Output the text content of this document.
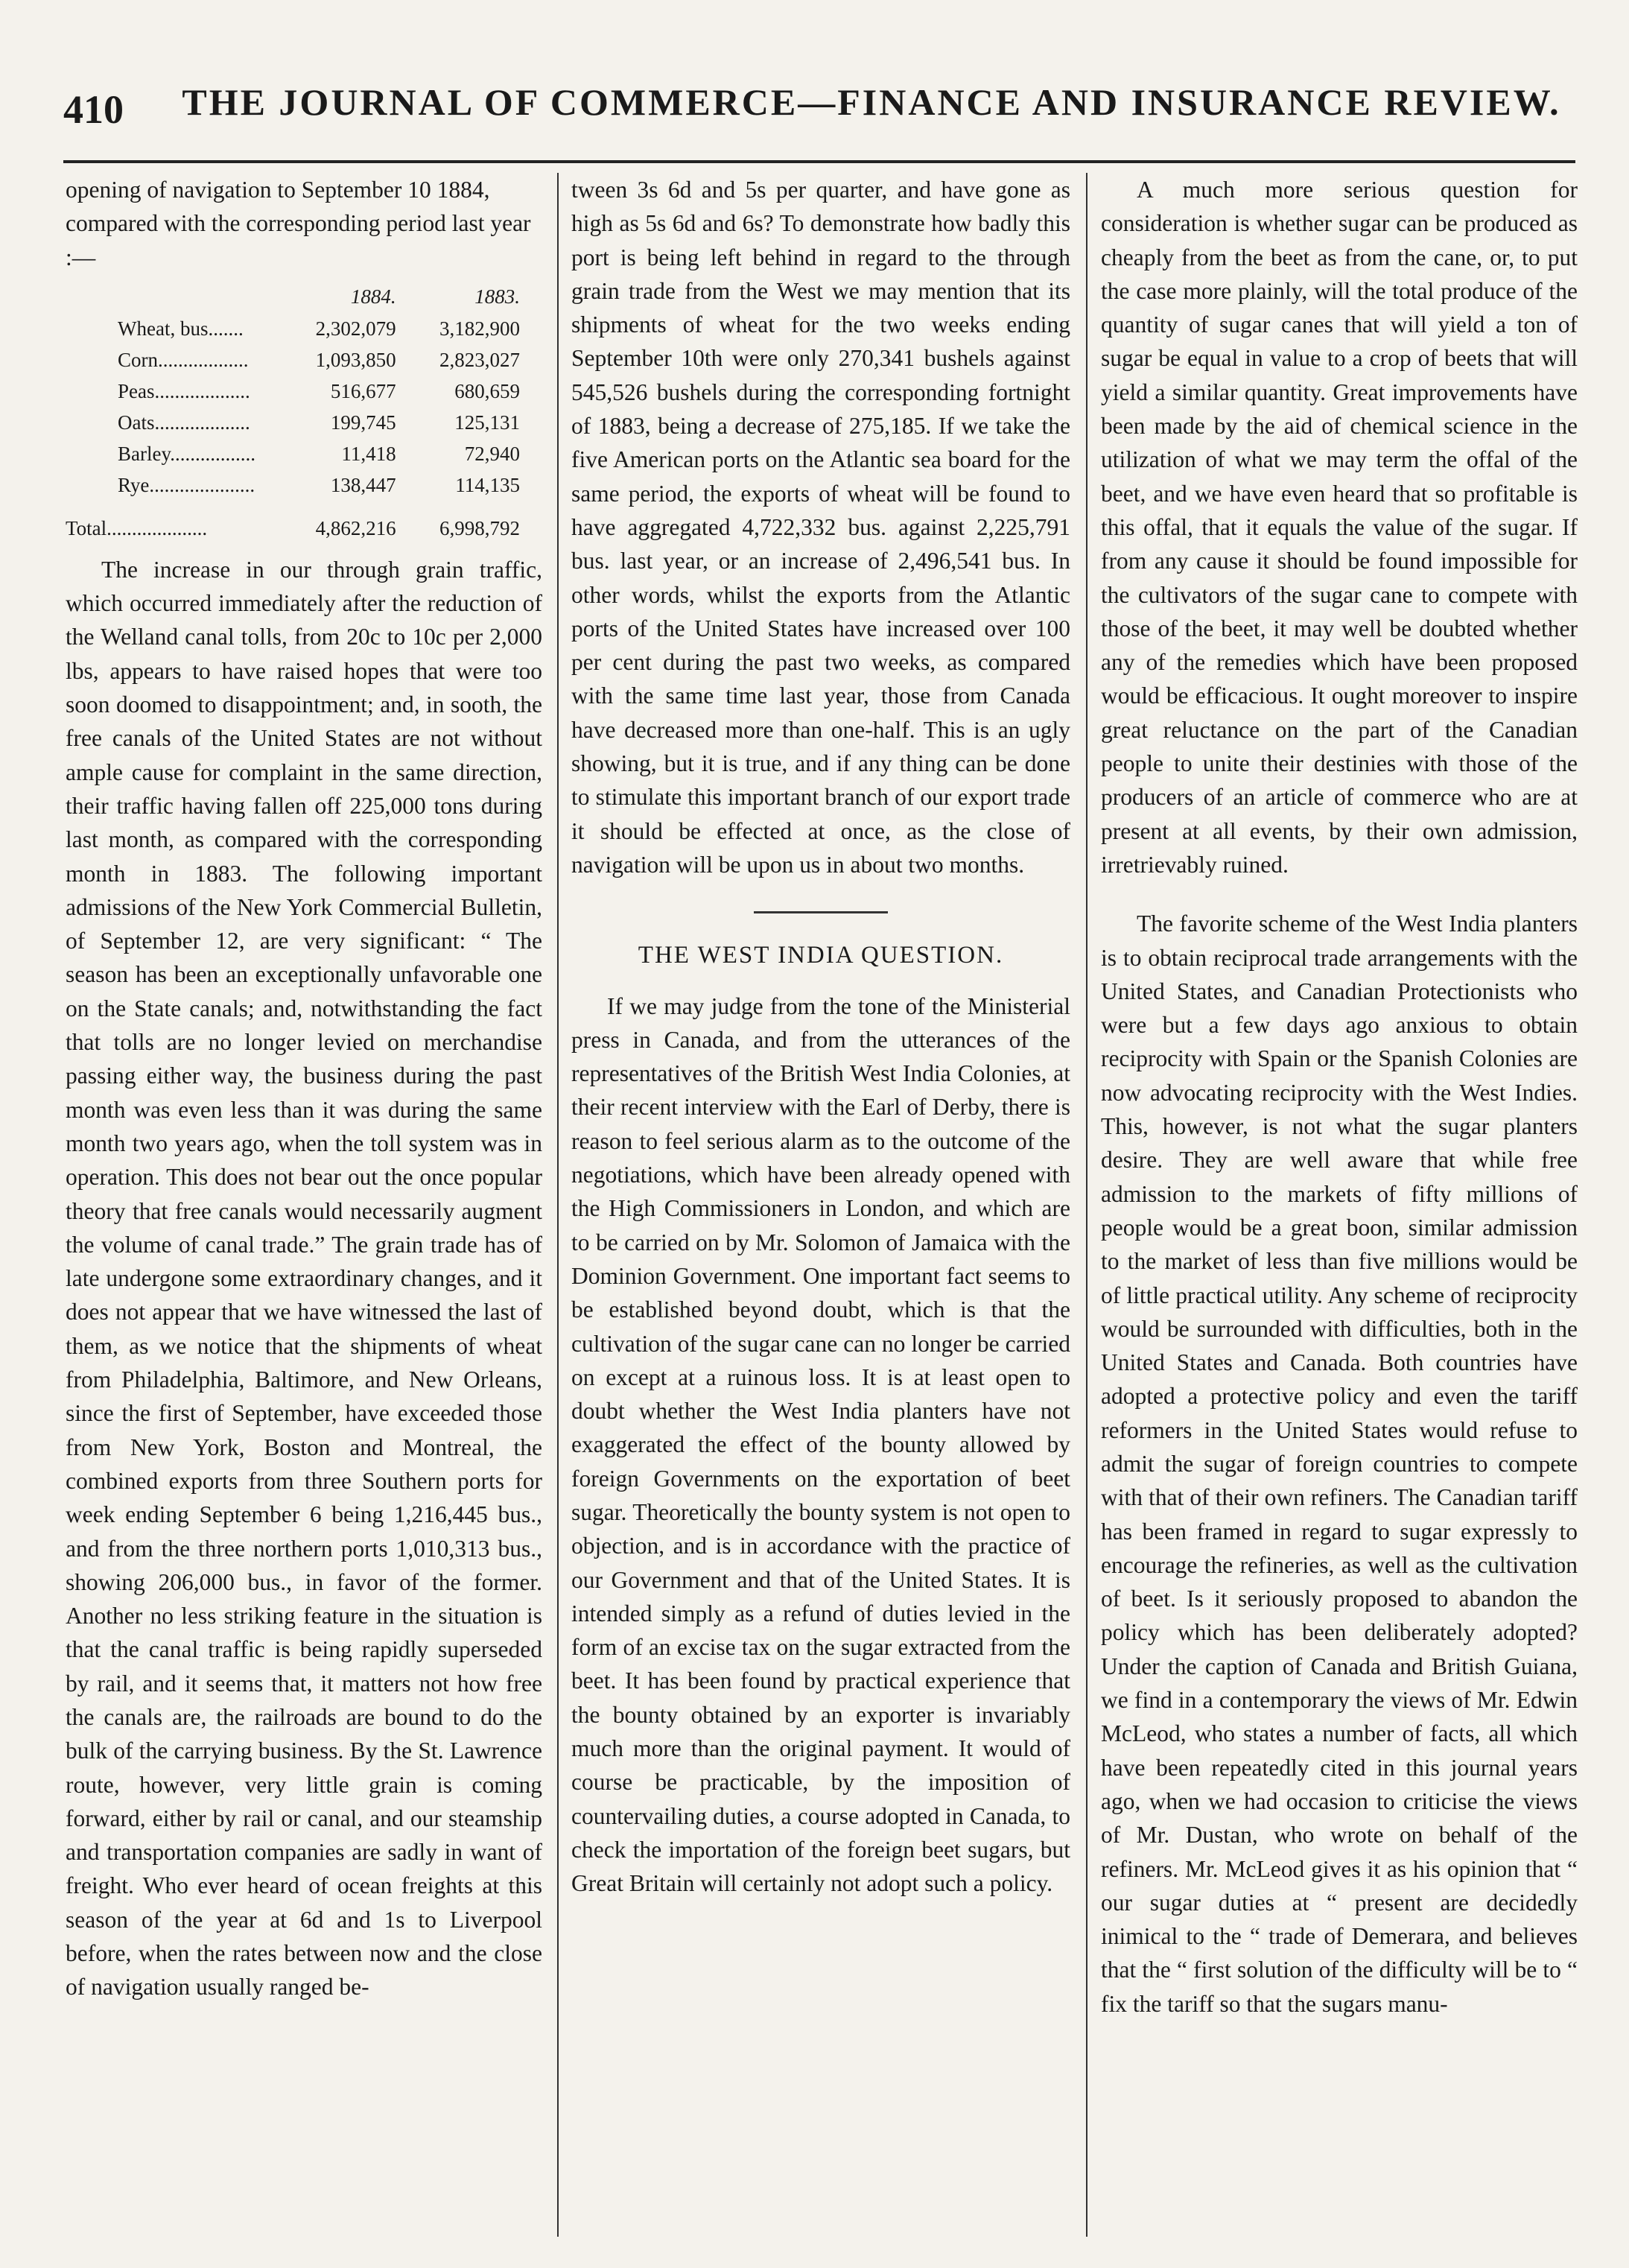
410	THE JOURNAL OF COMMERCE—FINANCE AND INSURANCE REVIEW.

opening of navigation to September 10 1884, compared with the corresponding period last year :—

	1884.	1883.
Wheat, bus.......	2,302,079	3,182,900
Corn..................	1,093,850	2,823,027
Peas...................	516,677	680,659
Oats...................	199,745	125,131
Barley.................	11,418	72,940
Rye.....................	138,447	114,135
Total....................	4,862,216	6,998,792

The increase in our through grain traffic, which occurred immediately after the reduction of the Welland canal tolls, from 20c to 10c per 2,000 lbs, appears to have raised hopes that were too soon doomed to disappointment; and, in sooth, the free canals of the United States are not without ample cause for complaint in the same direction, their traffic having fallen off 225,000 tons during last month, as compared with the corresponding month in 1883. The following important admissions of the New York Commercial Bulletin, of September 12, are very significant: “ The season has been an exceptionally unfavorable one on the State canals; and, notwithstanding the fact that tolls are no longer levied on merchandise passing either way, the business during the past month was even less than it was during the same month two years ago, when the toll system was in operation. This does not bear out the once popular theory that free canals would necessarily augment the volume of canal trade.” The grain trade has of late undergone some extraordinary changes, and it does not appear that we have witnessed the last of them, as we notice that the shipments of wheat from Philadelphia, Baltimore, and New Orleans, since the first of September, have exceeded those from New York, Boston and Montreal, the combined exports from three Southern ports for week ending September 6 being 1,216,445 bus., and from the three northern ports 1,010,313 bus., showing 206,000 bus., in favor of the former. Another no less striking feature in the situation is that the canal traffic is being rapidly superseded by rail, and it seems that, it matters not how free the canals are, the railroads are bound to do the bulk of the carrying business. By the St. Lawrence route, however, very little grain is coming forward, either by rail or canal, and our steamship and transportation companies are sadly in want of freight. Who ever heard of ocean freights at this season of the year at 6d and 1s to Liverpool before, when the rates between now and the close of navigation usually ranged be-

tween 3s 6d and 5s per quarter, and have gone as high as 5s 6d and 6s? To demonstrate how badly this port is being left behind in regard to the through grain trade from the West we may mention that its shipments of wheat for the two weeks ending September 10th were only 270,341 bushels against 545,526 bushels during the corresponding fortnight of 1883, being a decrease of 275,185. If we take the five American ports on the Atlantic sea board for the same period, the exports of wheat will be found to have aggregated 4,722,332 bus. against 2,225,791 bus. last year, or an increase of 2,496,541 bus. In other words, whilst the exports from the Atlantic ports of the United States have increased over 100 per cent during the past two weeks, as compared with the same time last year, those from Canada have decreased more than one-half. This is an ugly showing, but it is true, and if any thing can be done to stimulate this important branch of our export trade it should be effected at once, as the close of navigation will be upon us in about two months.

THE WEST INDIA QUESTION.

If we may judge from the tone of the Ministerial press in Canada, and from the utterances of the representatives of the British West India Colonies, at their recent interview with the Earl of Derby, there is reason to feel serious alarm as to the outcome of the negotiations, which have been already opened with the High Commissioners in London, and which are to be carried on by Mr. Solomon of Jamaica with the Dominion Government. One important fact seems to be established beyond doubt, which is that the cultivation of the sugar cane can no longer be carried on except at a ruinous loss. It is at least open to doubt whether the West India planters have not exaggerated the effect of the bounty allowed by foreign Governments on the exportation of beet sugar. Theoretically the bounty system is not open to objection, and is in accordance with the practice of our Government and that of the United States. It is intended simply as a refund of duties levied in the form of an excise tax on the sugar extracted from the beet. It has been found by practical experience that the bounty obtained by an exporter is invariably much more than the original payment. It would of course be practicable, by the imposition of countervailing duties, a course adopted in Canada, to check the importation of the foreign beet sugars, but Great Britain will certainly not adopt such a policy.

A much more serious question for consideration is whether sugar can be produced as cheaply from the beet as from the cane, or, to put the case more plainly, will the total produce of the quantity of sugar canes that will yield a ton of sugar be equal in value to a crop of beets that will yield a similar quantity. Great improvements have been made by the aid of chemical science in the utilization of what we may term the offal of the beet, and we have even heard that so profitable is this offal, that it equals the value of the sugar. If from any cause it should be found impossible for the cultivators of the sugar cane to compete with those of the beet, it may well be doubted whether any of the remedies which have been proposed would be efficacious. It ought moreover to inspire great reluctance on the part of the Canadian people to unite their destinies with those of the producers of an article of commerce who are at present at all events, by their own admission, irretrievably ruined.

The favorite scheme of the West India planters is to obtain reciprocal trade arrangements with the United States, and Canadian Protectionists who were but a few days ago anxious to obtain reciprocity with Spain or the Spanish Colonies are now advocating reciprocity with the West Indies. This, however, is not what the sugar planters desire. They are well aware that while free admission to the markets of fifty millions of people would be a great boon, similar admission to the market of less than five millions would be of little practical utility. Any scheme of reciprocity would be surrounded with difficulties, both in the United States and Canada. Both countries have adopted a protective policy and even the tariff reformers in the United States would refuse to admit the sugar of foreign countries to compete with that of their own refiners. The Canadian tariff has been framed in regard to sugar expressly to encourage the refineries, as well as the cultivation of beet. Is it seriously proposed to abandon the policy which has been deliberately adopted? Under the caption of Canada and British Guiana, we find in a contemporary the views of Mr. Edwin McLeod, who states a number of facts, all which have been repeatedly cited in this journal years ago, when we had occasion to criticise the views of Mr. Dustan, who wrote on behalf of the refiners. Mr. McLeod gives it as his opinion that “ our sugar duties at “ present are decidedly inimical to the “ trade of Demerara, and believes that the “ first solution of the difficulty will be to “ fix the tariff so that the sugars manu-
